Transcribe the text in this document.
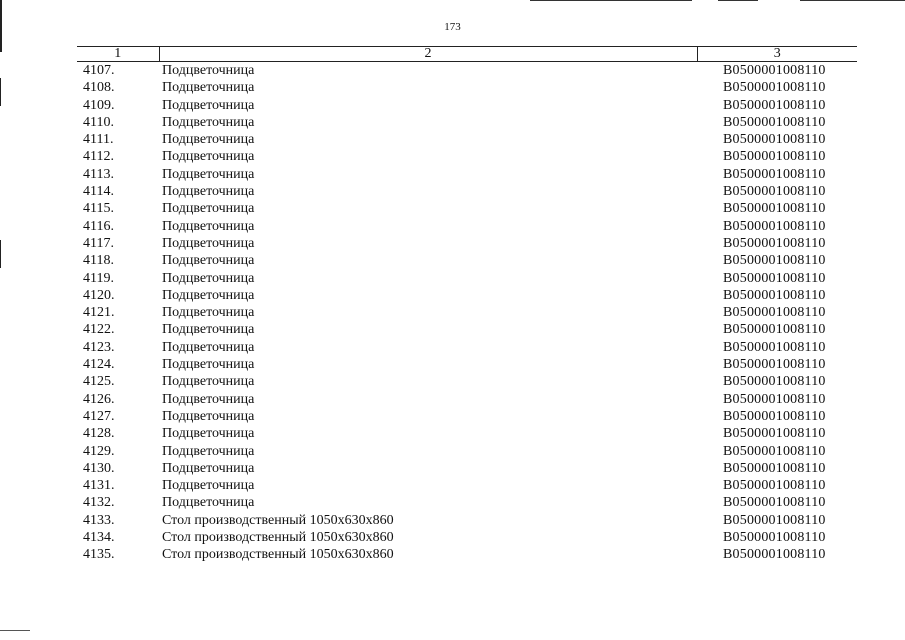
173
1	2	3
4107.	Подцветочница	B0500001008110
4108.	Подцветочница	B0500001008110
4109.	Подцветочница	B0500001008110
4110.	Подцветочница	B0500001008110
4111.	Подцветочница	B0500001008110
4112.	Подцветочница	B0500001008110
4113.	Подцветочница	B0500001008110
4114.	Подцветочница	B0500001008110
4115.	Подцветочница	B0500001008110
4116.	Подцветочница	B0500001008110
4117.	Подцветочница	B0500001008110
4118.	Подцветочница	B0500001008110
4119.	Подцветочница	B0500001008110
4120.	Подцветочница	B0500001008110
4121.	Подцветочница	B0500001008110
4122.	Подцветочница	B0500001008110
4123.	Подцветочница	B0500001008110
4124.	Подцветочница	B0500001008110
4125.	Подцветочница	B0500001008110
4126.	Подцветочница	B0500001008110
4127.	Подцветочница	B0500001008110
4128.	Подцветочница	B0500001008110
4129.	Подцветочница	B0500001008110
4130.	Подцветочница	B0500001008110
4131.	Подцветочница	B0500001008110
4132.	Подцветочница	B0500001008110
4133.	Стол производственный 1050x630x860	B0500001008110
4134.	Стол производственный 1050x630x860	B0500001008110
4135.	Стол производственный 1050x630x860	B0500001008110
